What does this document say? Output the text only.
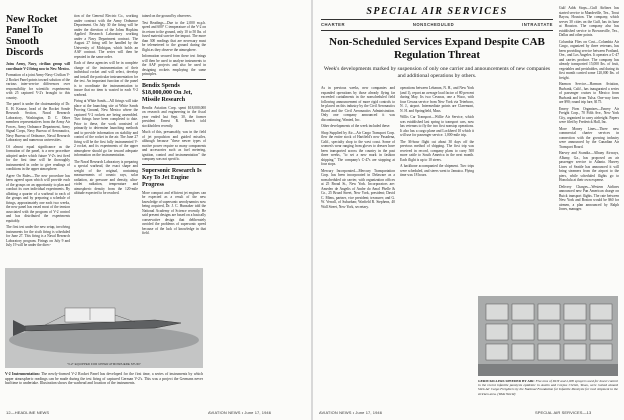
New Rocket Panel To Smooth Discords

Joins Army, Navy, civilian group will coordinate V-2 firing now in New Mexico.

Formation of a joint Army-Navy-Civilian V-2 Rocket Panel points toward solution of the various inter-service differences over responsibility for scientific experiments with 25 captured V-2's brought to this country.

The panel is under the chairmanship of Dr. E. H. Krause, head of the Rocket Sonde Research Section, Naval Research Laboratory, Washington, D. C. Other members representatives from the Army Air Forces, Army Ordnance Department, Army Signal Corps, Navy Bureau of Aeronautics, Navy Bureau of Ordnance, Naval Research Laboratory and numerous universities.

Of almost equal significance as the formation of the panel, is a new procedure adopted under which future V-2's test fired for the first time will be thoroughly instrumented in order to give readings of conditions in the upper atmosphere.

Agree On Rules—The new procedure has been agreed upon which will provide each of the groups on an opportunity to plan and conduct its own individual experiments. By allotting a quarter of a warhead to each of the groups and by preparing a schedule of firings, approximately one each two weeks, the new panel has eased most of the tension associated with the program of V-2 control and has distributed the experiments equitably.

The first test under the new setup, involving instruments for the sixth firing is scheduled for June 27. This firing is a Naval Research Laboratory program. Firings on July 9 and July 19 will be under the direc-

tion of the General Electric Co., working under contract with the Army Ordnance Department. On July 30 the firing will be under the direction of the Johns Hopkins Applied Research Laboratory working under a Navy Department contract. The August 27 firing will be handled by the University of Michigan, which holds an AAF contract. The series will then be repeated in the same order.

Each of these agencies will be in complete charge of the instrumentation of their individual rocket and will select, develop and install the particular instrumentation for the test. An important function of the panel is to coordinate the instrumentation to insure that no item is wasted in each V-2 warhead.

Firing at White Sands—All firings will take place at the launching site at White Sands Proving Ground, New Mexico where the captured V-2 rockets are being assembled. Two firings have been completed to date. Prior to these, the work consisted of primarily to determine launching methods and to provide information on stability and control of the rocket in the air. The June 27 firing will be the first fully instrumented V-2 rocket, and its experiments of the upper atmosphere should go far toward adequate information on the instrumentation.

The Naval Research Laboratory is preparing a special warhead, the exact shape and weight of the original, containing measurements of cosmic rays, solar radiation, air pressure and density, ultra-violet radiation, temperature and atmospheric density from the 120-mile altitude expected to be reached.

tained on the ground by observers.

Test Readings—Due to the 2,000 m.p.h. speed and 600° C temperature of the V-2 on its return to the ground, only 10 to 50 lbs. of fused material survive the impact. The more than 300 readings that are necessary must be telemetered to the ground during the flight as they observe the atmosphere.

Information secured from these test firings will then be used to analyze instruments to the AAF projects and also be used in designing rockets employing the same principles.

Bendix Spends $18,000,000 On Jet, Missile Research

Bendix Aviation Corp. spent $18,000,000 on research and engineering in the fiscal year ended last Sept. 30, the former president Ernest R. Breech told stockholders recently.

Much of this, presumably, was in the field of jet propulsion and guided missiles, although because "these newer types of motive power require so many components and accessories such as fuel metering, ignition, control and instrumentation" the company was not specific.

Supersonic Research Is Key To Jet Engine Progress

More compact and efficient jet engines can be expected as a result of the new knowledge of supersonic aerodynamics now being acquired, Dr. J. C. Hunsaker told the National Academy of Science recently. He said present designs are based on a basically conservative design that deliberately avoided the problems of supersonic speed because of the lack of knowledge in that field.

"V-2" EQUIPPED FOR UPPER ATMOSPHERE STUDY
V-2 Instrumentation: The newly-formed V-2 Rocket Panel has developed for the first time, a series of instruments by which upper atmospheric readings can be made during the test firing of captured German V-2's. This was a project the Germans never had time to undertake. Illustration shows the warhead and location of the instruments.
12—HEADLINE NEWS	AVIATION NEWS • June 17, 1946
SPECIAL AIR SERVICES
CHARTER	NONSCHEDULED	INTRASTATE
Non-Scheduled Services Expand Despite CAB Regulation Threat
Week's developments marked by suspension of only one carrier and announcements of new companies and additional operations by others.

As in previous weeks, new companies and expanded operations by those already flying far exceeded curtailments in the nonscheduled field following announcement of more rigid controls to be placed on this industry by the Civil Aeronautics Board and the Civil Aeronautics Administration. Only one company announced it was discontinuing, Wanted, Inc.

Other developments of the week included these:

Shop Supplied by Air—Air Cargo Transport Corp. flew the entire stock of Hartfield's new Pasadena, Calif., specialty shop to the west coast. Some of women's wear ranging from gloves to dresses have been transported across the country in the past three weeks, "to set a new mark in fashion shipping." The company's C-47s are stopping at four stops.

Mercury Incorporated—Mercury Transportation Corp. has been incorporated in Delaware as a nonscheduled air carrier, with organization offices at 25 Broad St., New York. Incorporators are: Amedeo de Angelis of Andre do Amol Phelle & Co., 25 Broad Street, New York, president; David C. Mims, partner, vice president; treasurer; and G. W. Verrall, of Suburban; Warfield R. Stephens, 40 Wall Street, New York, secretary.

operations between Lebanon, N. H., and New York (and 1), report an average load factor of 80 percent during May. Its two Cessnas, one a Waco, with four Cessna service from New York via Teterboro, N. J., airport. Intermediate points are Claremont, N. H. and Springfield, Mass.

Willis Car Transport—Willie Air Service, which was established last spring to transport cars, now has veterans to fly the two first nonstop operations. It also has a cargo plane and Lockheed 10 which it will use for passenger service. 1,000-mile trip.

The 36-hour flight cut about 30 days off the previous method of shipping. The first trip was received in record, company plans to carry 500 more cattle to South America in the next month. Each flight is up to 10 steers.

A backbone accompanied the shipment. Two trips were scheduled, and steers went to Jamaica. Flying time was 18 hours.

Gulf Adds Stops—Gulf Airlines has started service to Mandeville, Tex., Trout Bayou, Houston. The company, which serves 30 cities on the Gulf, has its base at Houston. The company also has established service to Brownsville, Tex., Dallas and other points.

Columbia Flies on Cost—Columbia Air Cargo, organized by three veterans, has been providing service between Portland, Ore., and Los Angeles. It operates a C-47 and carries produce. The company has already transported 15,000 lbs. of fruit, vegetables and perishables, and during its first month carried some 120,000 lbs. of freight.

Harmon Service—Harmon Aviation, Burbank, Calif., has inaugurated a series of passenger cruises to Mexico from Burbank and from Tulsa. One-way fares are $90; round trip fare, $175.

Emery Firm Organizes—Emery Air Freight Corp., 70 Fifth Ave., New York City, organized to carry airfreight. Papers were filed by Frederick Hall, Inc.

More Money Lines—Three new commercial charter services in connection with the growing industry were announced by the Canadian Air Transport Board.

Harvey and Scandia—Albany Airways, Albany, Ga., has proposed an air passenger service to Atlanta. Harvey Lines of Seattle has announced it will bring steamers from the airport to the piers, while scheduled flights go to Honolulu at their own expense.

Delivery Charges—Western Airlines announced new Pan American charge on Buick transport flights. The rate between New York and Boston would be $60 for airmen, a plan announced by Ralph Jones, manager.

GERM KILLERS SPEEDED BY AIR: Five tons of DDT and 2,000 sprayers used for insect control in the recent infantile paralysis epidemic in Austin and Corpus Christi, Texas, were rushed aboard Slick Air Cargo Freighters by the National Foundation for Infantile Paralysis for rush shipment to the stricken area. (Wide World)
AVIATION NEWS • June 17, 1946	SPECIAL AIR SERVICES—13
